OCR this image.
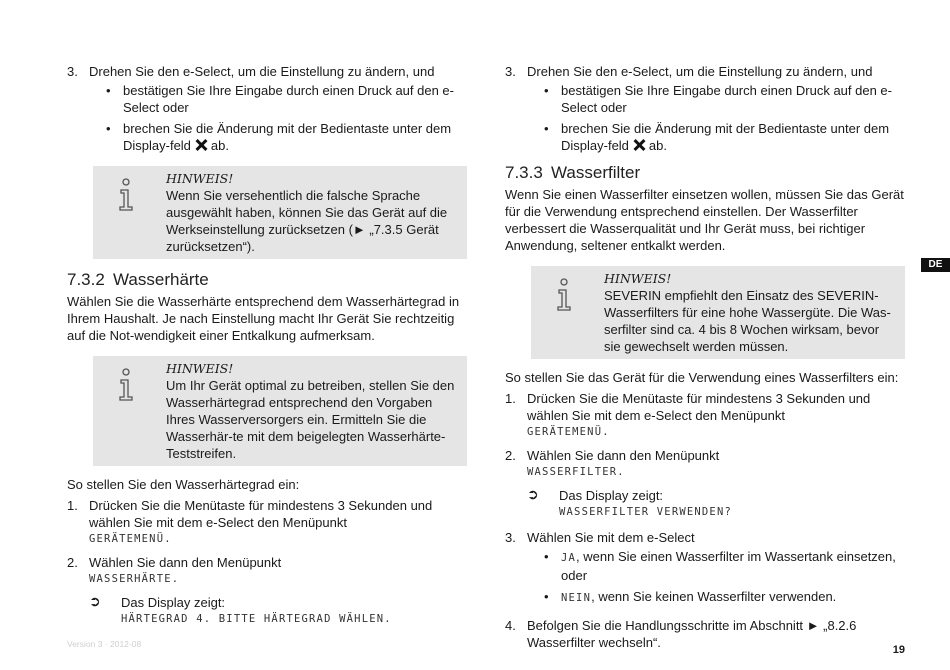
3. Drehen Sie den e-Select, um die Einstellung zu ändern, und
• bestätigen Sie Ihre Eingabe durch einen Druck auf den e-Select oder
• brechen Sie die Änderung mit der Bedientaste unter dem Display-feld ab.
HINWEIS!
Wenn Sie versehentlich die falsche Sprache ausgewählt haben, können Sie das Gerät auf die Werkseinstellung zurücksetzen (► „7.3.5 Gerät zurücksetzen“).
7.3.2 Wasserhärte

Wählen Sie die Wasserhärte entsprechend dem Wasserhärtegrad in Ihrem Haushalt. Je nach Einstellung macht Ihr Gerät Sie rechtzeitig auf die Not-wendigkeit einer Entkalkung aufmerksam.

HINWEIS!
Um Ihr Gerät optimal zu betreiben, stellen Sie den Wasserhärtegrad entsprechend den Vorgaben Ihres Wasserversorgers ein. Ermitteln Sie die Wasserhär-te mit dem beigelegten Wasserhärte-Teststreifen.

So stellen Sie den Wasserhärtegrad ein:

1. Drücken Sie die Menütaste für mindestens 3 Sekunden und wählen Sie mit dem e-Select den Menüpunkt
GERÄTEMENÜ.
2. Wählen Sie dann den Menüpunkt
WASSERHÄRTE.
➲ Das Display zeigt:
HÄRTEGRAD 4. BITTE HÄRTEGRAD WÄHLEN.
3. Drehen Sie den e-Select, um die Einstellung zu ändern, und
• bestätigen Sie Ihre Eingabe durch einen Druck auf den e-Select oder
• brechen Sie die Änderung mit der Bedientaste unter dem Display-feld ab.
7.3.3 Wasserfilter

Wenn Sie einen Wasserfilter einsetzen wollen, müssen Sie das Gerät für die Verwendung entsprechend einstellen. Der Wasserfilter verbessert die Wasserqualität und Ihr Gerät muss, bei richtiger Anwendung, seltener entkalkt werden.

HINWEIS!
SEVERIN empfiehlt den Einsatz des SEVERIN-Wasserfilters für eine hohe Wassergüte. Die Was-serfilter sind ca. 4 bis 8 Wochen wirksam, bevor sie gewechselt werden müssen.

So stellen Sie das Gerät für die Verwendung eines Wasserfilters ein:

1. Drücken Sie die Menütaste für mindestens 3 Sekunden und wählen Sie mit dem e-Select den Menüpunkt
GERÄTEMENÜ.
2. Wählen Sie dann den Menüpunkt
WASSERFILTER.
➲ Das Display zeigt:
WASSERFILTER VERWENDEN?
3. Wählen Sie mit dem e-Select
• JA, wenn Sie einen Wasserfilter im Wassertank einsetzen, oder
• NEIN, wenn Sie keinen Wasserfilter verwenden.
4. Befolgen Sie die Handlungsschritte im Abschnitt ► „8.2.6 Wasserfilter wechseln“.
DE
Version 3 · 2012-08	19
